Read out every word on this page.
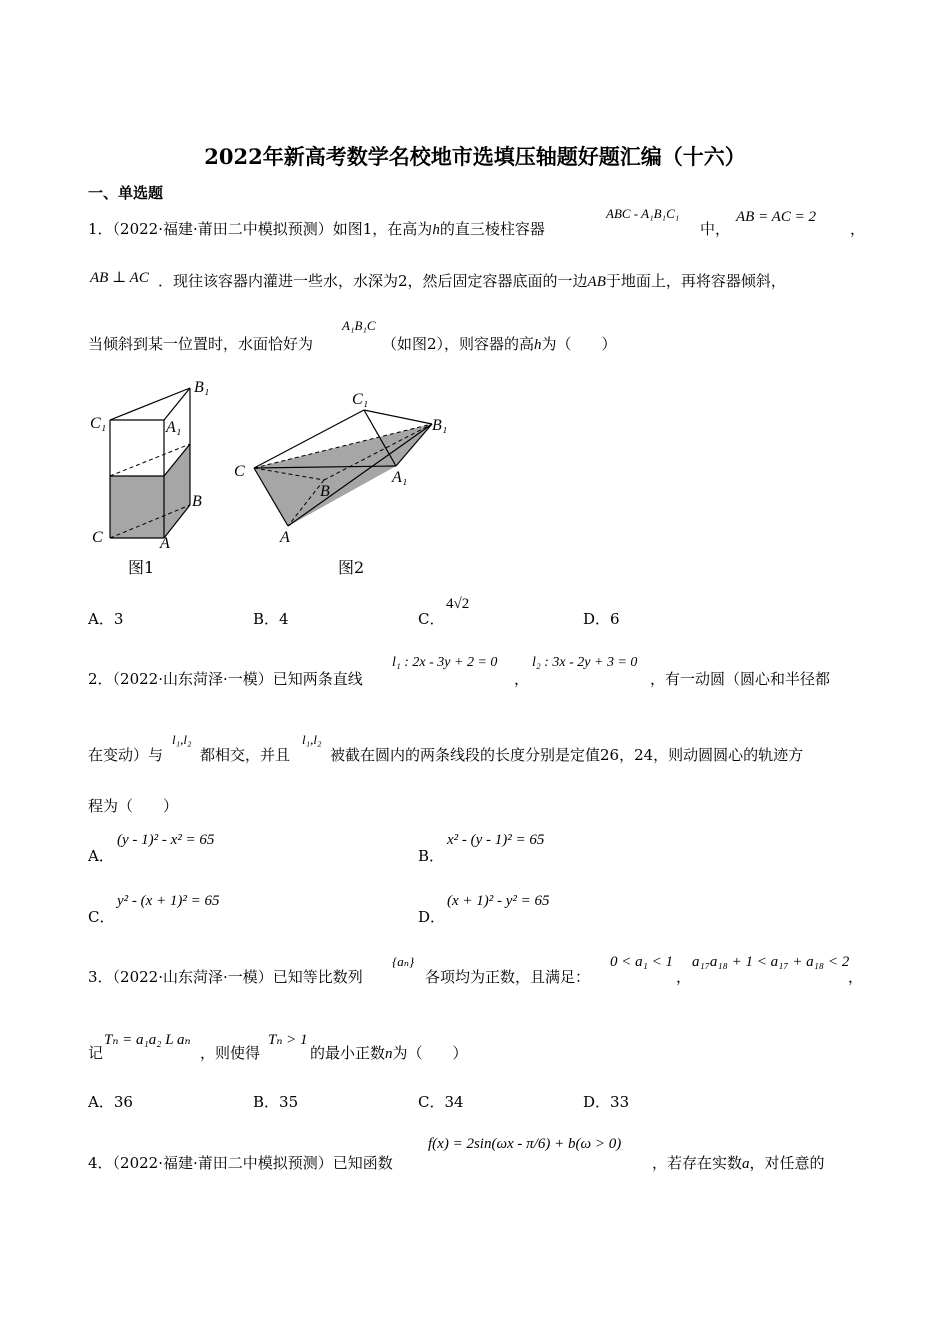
2022年新高考数学名校地市选填压轴题好题汇编（十六）
一、单选题
1．（2022·福建·莆田二中模拟预测）如图1，在高为h的直三棱柱容器
ABC - A₁B₁C₁
中，
AB = AC = 2
，
AB ⊥ AC ．现往该容器内灌进一些水，水深为2，然后固定容器底面的一边AB于地面上，再将容器倾斜，
当倾斜到某一位置时，水面恰好为
A₁B₁C
（如图2），则容器的高h为（　　）
C₁
B₁
A₁
B
C	A
图1
C₁
B₁
C	A₁
B
A
图2
A．3	B．4	C．
4√2
D．6
2．（2022·山东菏泽·一模）已知两条直线
l₁ : 2x - 3y + 2 = 0
，
l₂ : 3x - 2y + 3 = 0
，有一动圆（圆心和半径都
在变动）与
l₁,l₂
都相交，并且
l₁,l₂
被截在圆内的两条线段的长度分别是定值26，24，则动圆圆心的轨迹方
程为（　　）
A．
(y - 1)² - x² = 65
B．
x² - (y - 1)² = 65
C．
y² - (x + 1)² = 65
D．
(x + 1)² - y² = 65
3．（2022·山东菏泽·一模）已知等比数列
{aₙ}
各项均为正数，且满足：
0 < a₁ < 1
，
a₁₇a₁₈ + 1 < a₁₇ + a₁₈ < 2
，
记
Tₙ = a₁a₂ L aₙ
，则使得
Tₙ > 1
的最小正数n为（　　）
A．36	B．35	C．34	D．33
4．（2022·福建·莆田二中模拟预测）已知函数
f(x) = 2sin(ωx - π/6) + b(ω > 0)
，若存在实数a，对任意的
